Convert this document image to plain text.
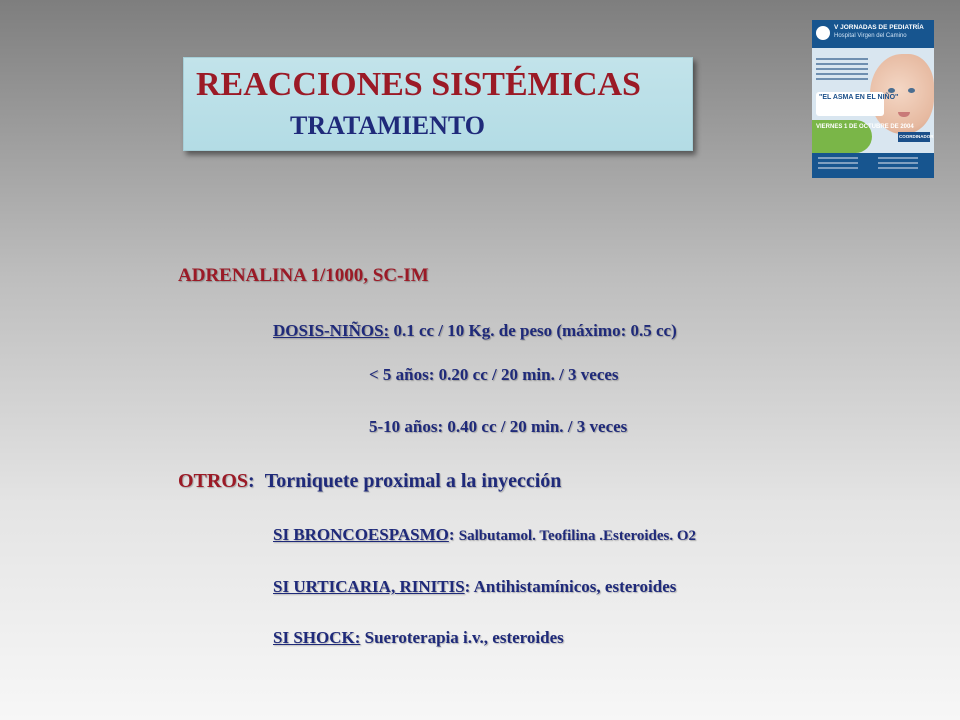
REACCIONES SISTÉMICAS
TRATAMIENTO
V JORNADAS DE PEDIATRÍA
Hospital Virgen del Camino
"EL ASMA EN EL NIÑO"
VIERNES 1 DE OCTUBRE DE 2004
COORDINADOR
ADRENALINA 1/1000, SC-IM
DOSIS-NIÑOS: 0.1 cc / 10 Kg. de peso (máximo: 0.5 cc)
< 5 años: 0.20 cc / 20 min. / 3 veces
5-10 años: 0.40 cc / 20 min. / 3 veces
OTROS: Torniquete proximal a la inyección
SI BRONCOESPASMO: Salbutamol. Teofilina .Esteroides. O2
SI URTICARIA, RINITIS: Antihistamínicos, esteroides
SI SHOCK: Sueroterapia i.v., esteroides
